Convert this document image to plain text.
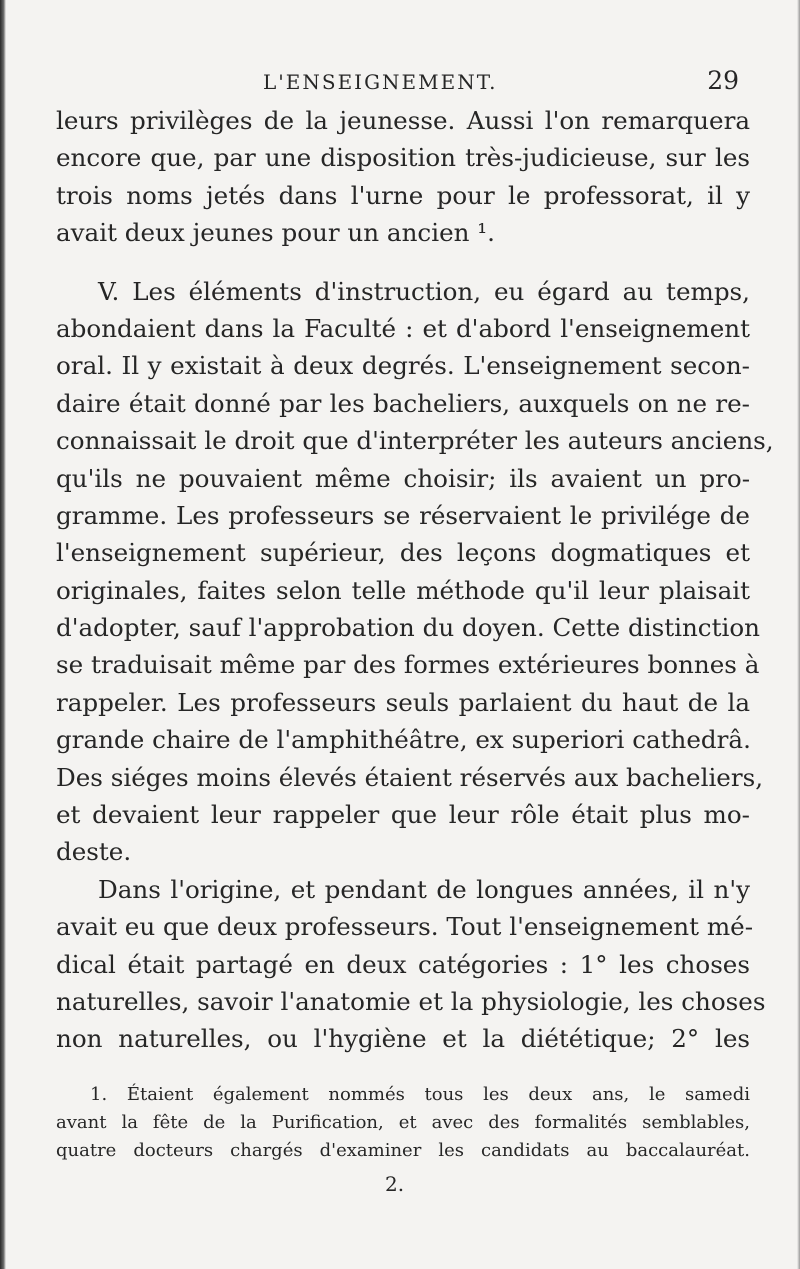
L'ENSEIGNEMENT.	29
leurs privilèges de la jeunesse. Aussi l'on remarquera
encore que, par une disposition très-judicieuse, sur les
trois noms jetés dans l'urne pour le professorat, il y
avait deux jeunes pour un ancien ¹.
V. Les éléments d'instruction, eu égard au temps,
abondaient dans la Faculté : et d'abord l'enseignement
oral. Il y existait à deux degrés. L'enseignement secon-
daire était donné par les bacheliers, auxquels on ne re-
connaissait le droit que d'interpréter les auteurs anciens,
qu'ils ne pouvaient même choisir; ils avaient un pro-
gramme. Les professeurs se réservaient le privilége de
l'enseignement supérieur, des leçons dogmatiques et
originales, faites selon telle méthode qu'il leur plaisait
d'adopter, sauf l'approbation du doyen. Cette distinction
se traduisait même par des formes extérieures bonnes à
rappeler. Les professeurs seuls parlaient du haut de la
grande chaire de l'amphithéâtre, ex superiori cathedrâ.
Des siéges moins élevés étaient réservés aux bacheliers,
et devaient leur rappeler que leur rôle était plus mo-
deste.
Dans l'origine, et pendant de longues années, il n'y
avait eu que deux professeurs. Tout l'enseignement mé-
dical était partagé en deux catégories : 1° les choses
naturelles, savoir l'anatomie et la physiologie, les choses
non naturelles, ou l'hygiène et la diététique; 2° les
1. Étaient également nommés tous les deux ans, le samedi
avant la fête de la Purification, et avec des formalités semblables,
quatre docteurs chargés d'examiner les candidats au baccalauréat.
2.
